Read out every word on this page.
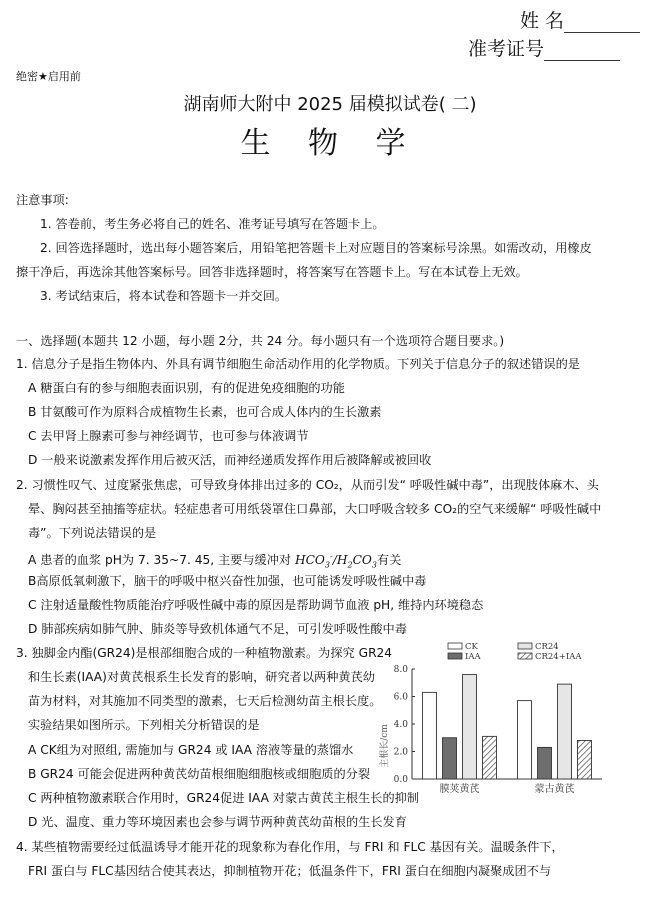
姓 名
准考证号
绝密★启用前
湖南师大附中 2025 届模拟试卷( 二)
生 物 学
注意事项:
1. 答卷前，考生务必将自己的姓名、准考证号填写在答题卡上。
2. 回答选择题时，选出每小题答案后，用铅笔把答题卡上对应题目的答案标号涂黑。如需改动，用橡皮
擦干净后，再选涂其他答案标号。回答非选择题时，将答案写在答题卡上。写在本试卷上无效。
3. 考试结束后，将本试卷和答题卡一并交回。
一、选择题(本题共 12 小题，每小题 2分，共 24 分。每小题只有一个选项符合题目要求。)
1. 信息分子是指生物体内、外具有调节细胞生命活动作用的化学物质。下列关于信息分子的叙述错误的是
A 糖蛋白有的参与细胞表面识别，有的促进免疫细胞的功能
B 甘氨酸可作为原料合成植物生长素，也可合成人体内的生长激素
C 去甲肾上腺素可参与神经调节，也可参与体液调节
D 一般来说激素发挥作用后被灭活，而神经递质发挥作用后被降解或被回收
2. 习惯性叹气、过度紧张焦虑，可导致身体排出过多的 CO₂，从而引发“ 呼吸性碱中毒”，出现肢体麻木、头
晕、胸闷甚至抽搐等症状。轻症患者可用纸袋罩住口鼻部，大口呼吸含较多 CO₂的空气来缓解“ 呼吸性碱中
毒”。下列说法错误的是
A 患者的血浆 pH为 7. 35~7. 45, 主要与缓冲对 $HCO_3^-/H_2CO_3$有关
B高原低氧刺激下，脑干的呼吸中枢兴奋性加强，也可能诱发呼吸性碱中毒
C 注射适量酸性物质能治疗呼吸性碱中毒的原因是帮助调节血液 pH, 维持内环境稳态
D 肺部疾病如肺气肿、肺炎等导致机体通气不足，可引发呼吸性酸中毒
3. 独脚金内酯(GR24)是根部细胞合成的一种植物激素。为探究 GR24
和生长素(IAA)对黄芪根系生长发育的影响，研究者以两种黄芪幼
苗为材料，对其施加不同类型的激素，七天后检测幼苗主根长度。
实验结果如图所示。下列相关分析错误的是
A CK组为对照组, 需施加与 GR24 或 IAA 溶液等量的蒸馏水
B GR24 可能会促进两种黄芪幼苗根细胞细胞核或细胞质的分裂
C 两种植物激素联合作用时，GR24促进 IAA 对蒙古黄芪主根生长的抑制
D 光、温度、重力等环境因素也会参与调节两种黄芪幼苗根的生长发育
4. 某些植物需要经过低温诱导才能开花的现象称为春化作用，与 FRI 和 FLC 基因有关。温暖条件下，
FRI 蛋白与 FLC基因结合使其表达，抑制植物开花；低温条件下，FRI 蛋白在细胞内凝聚成团不与
CK
IAA
CR24
CR24+IAA
0.0
2.0
4.0
6.0
8.0
膜荚黄芪	蒙古黄芪
主根长/cm
